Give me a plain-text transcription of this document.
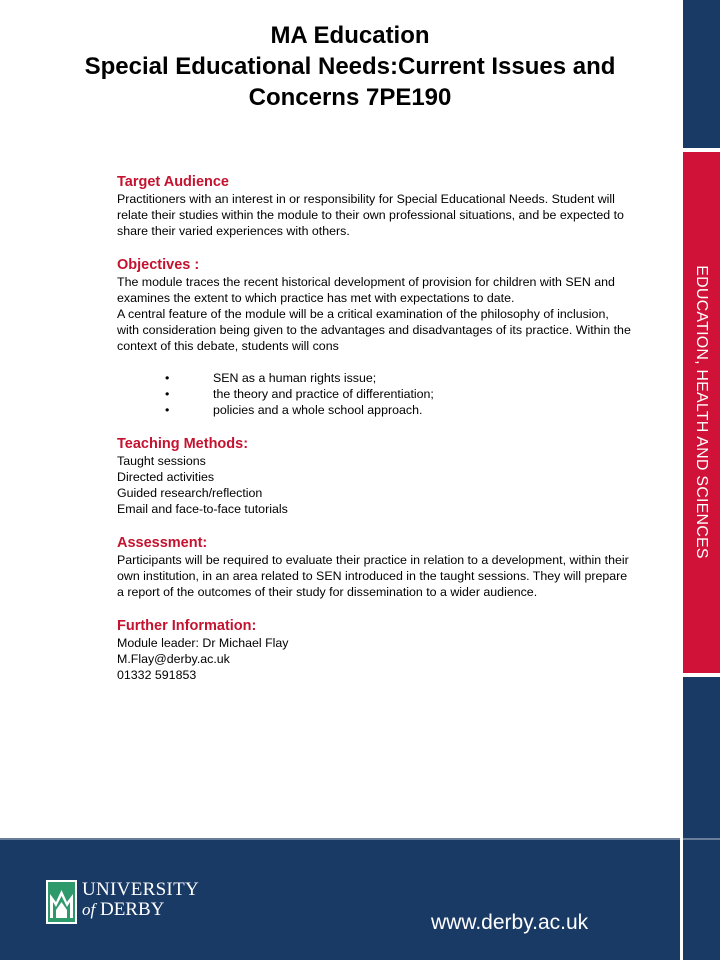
MA Education
Special Educational Needs:Current Issues and
Concerns 7PE190
Target Audience
Practitioners with an interest in or responsibility for Special Educational Needs. Student will relate their studies within the module to their own professional situations, and be expected to share their varied experiences with others.
Objectives :
The module traces the recent historical development of provision for children with SEN and examines the extent to which practice has met with expectations to date.
A central feature of the module will be a critical examination of the philosophy of inclusion, with consideration being given to the advantages and disadvantages of its practice. Within the context of this debate, students will cons
•	SEN as a human rights issue;
•	the theory and practice of differentiation;
•	policies and a whole school approach.
Teaching Methods:
Taught sessions
Directed activities
Guided research/reflection
Email and face-to-face tutorials
Assessment:
Participants will be required to evaluate their practice in relation to a development, within their own institution, in an area related to SEN introduced in the taught sessions. They will prepare a report of the outcomes of their study for dissemination to a wider audience.
Further Information:
Module leader: Dr Michael Flay
M.Flay@derby.ac.uk
01332 591853
EDUCATION, HEALTH AND SCIENCES
UNIVERSITY
of DERBY
www.derby.ac.uk
